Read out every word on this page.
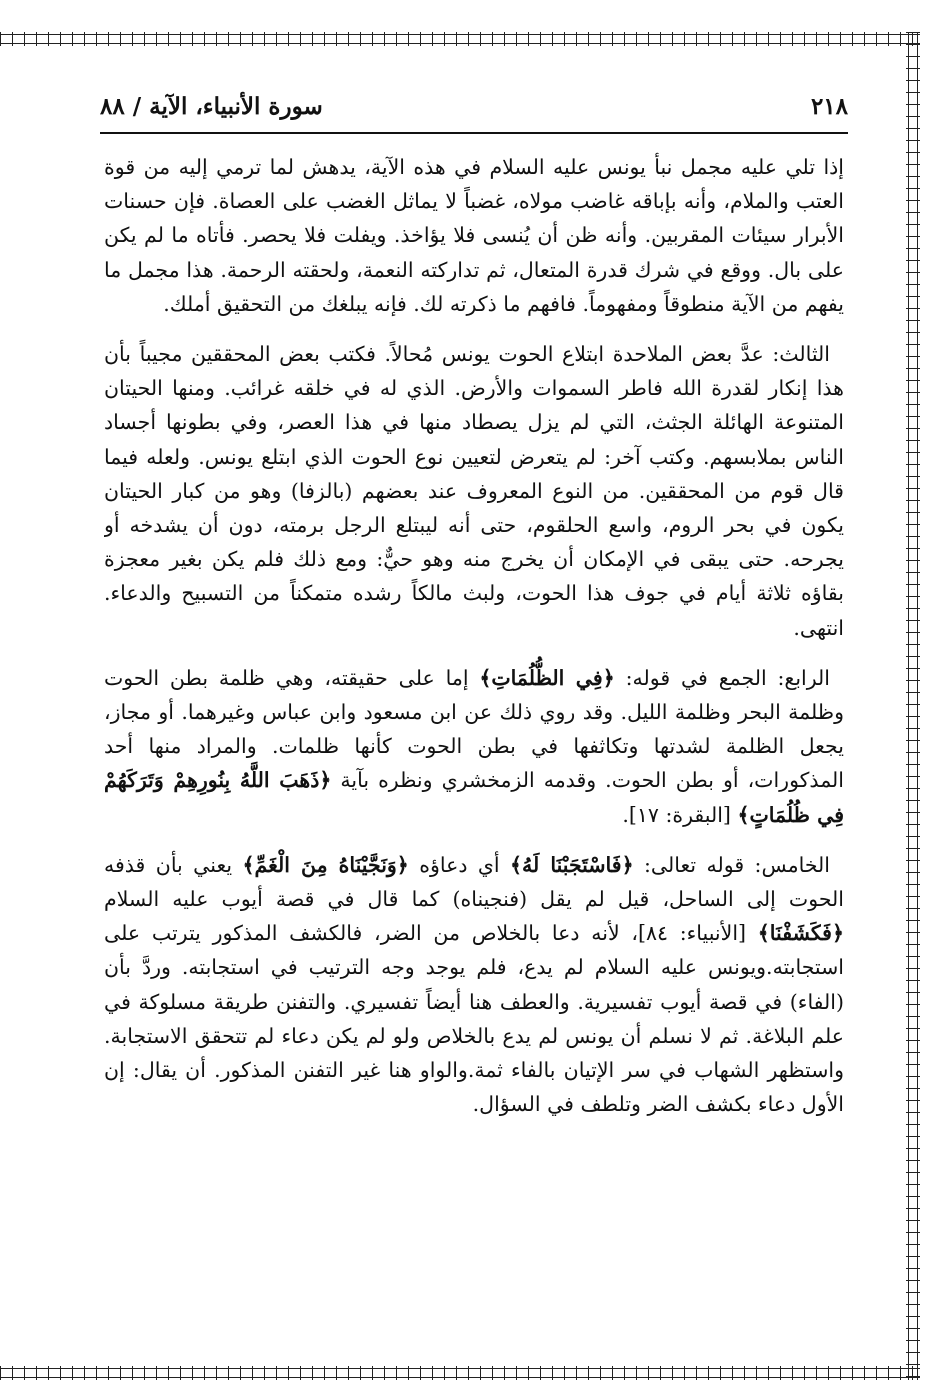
٢١٨
سورة الأنبياء، الآية / ٨٨

إذا تلي عليه مجمل نبأ يونس عليه السلام في هذه الآية، يدهش لما ترمي إليه من قوة العتب والملام، وأنه بإباقه غاضب مولاه، غضباً لا يماثل الغضب على العصاة. فإن حسنات الأبرار سيئات المقربين. وأنه ظن أن يُنسى فلا يؤاخذ. ويفلت فلا يحصر. فأتاه ما لم يكن على بال. ووقع في شرك قدرة المتعال، ثم تداركته النعمة، ولحقته الرحمة. هذا مجمل ما يفهم من الآية منطوقاً ومفهوماً. فافهم ما ذكرته لك. فإنه يبلغك من التحقيق أملك.

الثالث: عدَّ بعض الملاحدة ابتلاع الحوت يونس مُحالاً. فكتب بعض المحققين مجيباً بأن هذا إنكار لقدرة الله فاطر السموات والأرض. الذي له في خلقه غرائب. ومنها الحيتان المتنوعة الهائلة الجثث، التي لم يزل يصطاد منها في هذا العصر، وفي بطونها أجساد الناس بملابسهم. وكتب آخر: لم يتعرض لتعيين نوع الحوت الذي ابتلع يونس. ولعله فيما قال قوم من المحققين. من النوع المعروف عند بعضهم (بالزفا) وهو من كبار الحيتان يكون في بحر الروم، واسع الحلقوم، حتى أنه ليبتلع الرجل برمته، دون أن يشدخه أو يجرحه. حتى يبقى في الإمكان أن يخرج منه وهو حيٌّ: ومع ذلك فلم يكن بغير معجزة بقاؤه ثلاثة أيام في جوف هذا الحوت، ولبث مالكاً رشده متمكناً من التسبيح والدعاء. انتهى.

الرابع: الجمع في قوله: ﴿فِي الظُّلُمَاتِ﴾ إما على حقيقته، وهي ظلمة بطن الحوت وظلمة البحر وظلمة الليل. وقد روي ذلك عن ابن مسعود وابن عباس وغيرهما. أو مجاز، يجعل الظلمة لشدتها وتكاثفها في بطن الحوت كأنها ظلمات. والمراد منها أحد المذكورات، أو بطن الحوت. وقدمه الزمخشري ونظره بآية ﴿ذَهَبَ اللَّهُ بِنُورِهِمْ وَتَرَكَهُمْ فِي ظُلُمَاتٍ﴾ [البقرة: ١٧].

الخامس: قوله تعالى: ﴿فَاسْتَجَبْنَا لَهُ﴾ أي دعاؤه ﴿وَنَجَّيْنَاهُ مِنَ الْغَمِّ﴾ يعني بأن قذفه الحوت إلى الساحل، قيل لم يقل (فنجيناه) كما قال في قصة أيوب عليه السلام ﴿فَكَشَفْنَا﴾ [الأنبياء: ٨٤]، لأنه دعا بالخلاص من الضر، فالكشف المذكور يترتب على استجابته.ويونس عليه السلام لم يدع، فلم يوجد وجه الترتيب في استجابته. وردَّ بأن (الفاء) في قصة أيوب تفسيرية. والعطف هنا أيضاً تفسيري. والتفنن طريقة مسلوكة في علم البلاغة. ثم لا نسلم أن يونس لم يدع بالخلاص ولو لم يكن دعاء لم تتحقق الاستجابة. واستظهر الشهاب في سر الإتيان بالفاء ثمة.والواو هنا غير التفنن المذكور. أن يقال: إن الأول دعاء بكشف الضر وتلطف في السؤال.
